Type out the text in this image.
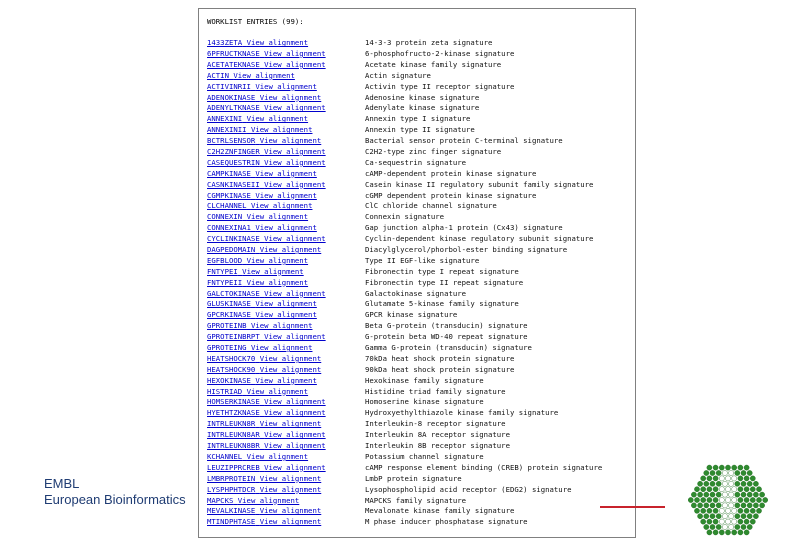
WORKLIST ENTRIES (99):
1433ZETA View alignment	14-3-3 protein zeta signature
6PFRUCTKNASE View alignment	6-phosphofructo-2-kinase signature
ACETATEKNASE View alignment	Acetate kinase family signature
ACTIN View alignment	Actin signature
ACTIVINRII View alignment	Activin type II receptor signature
ADENOKINASE View alignment	Adenosine kinase signature
ADENYLTKNASE View alignment	Adenylate kinase signature
ANNEXINI View alignment	Annexin type I signature
ANNEXINII View alignment	Annexin type II signature
BCTRLSENSOR View alignment	Bacterial sensor protein C-terminal signature
C2H2ZNFINGER View alignment	C2H2-type zinc finger signature
CASEQUESTRIN View alignment	Ca-sequestrin signature
CAMPKINASE View alignment	cAMP-dependent protein kinase signature
CASNKINASEII View alignment	Casein kinase II regulatory subunit family signature
CGMPKINASE View alignment	cGMP dependent protein kinase signature
CLCHANNEL View alignment	ClC chloride channel signature
CONNEXIN View alignment	Connexin signature
CONNEXINA1 View alignment	Gap junction alpha-1 protein (Cx43) signature
CYCLINKINASE View alignment	Cyclin-dependent kinase regulatory subunit signature
DAGPEDOMAIN View alignment	Diacylglycerol/phorbol-ester binding signature
EGFBLOOD View alignment	Type II EGF-like signature
FNTYPEI View alignment	Fibronectin type I repeat signature
FNTYPEII View alignment	Fibronectin type II repeat signature
GALCTOKINASE View alignment	Galactokinase signature
GLUSKINASE View alignment	Glutamate 5-kinase family signature
GPCRKINASE View alignment	GPCR kinase signature
GPROTEINB View alignment	Beta G-protein (transducin) signature
GPROTEINBRPT View alignment	G-protein beta WD-40 repeat signature
GPROTEING View alignment	Gamma G-protein (transducin) signature
HEATSHOCK70 View alignment	70kDa heat shock protein signature
HEATSHOCK90 View alignment	90kDa heat shock protein signature
HEXOKINASE View alignment	Hexokinase family signature
HISTRIAD View alignment	Histidine triad family signature
HOMSERKINASE View alignment	Homoserine kinase signature
HYETHTZKNASE View alignment	Hydroxyethylthiazole kinase family signature
INTRLEUKN8R View alignment	Interleukin-8 receptor signature
INTRLEUKN8AR View alignment	Interleukin 8A receptor signature
INTRLEUKN8BR View alignment	Interleukin 8B receptor signature
KCHANNEL View alignment	Potassium channel signature
LEUZIPPRCREB View alignment	cAMP response element binding (CREB) protein signature
LMBRPROTEIN View alignment	LmbP protein signature
LYSPHPHTDCR View alignment	Lysophospholipid acid receptor (EDG2) signature
MAPCKS View alignment	MAPCKS family signature
MEVALKINASE View alignment	Mevalonate kinase family signature
MTINDPHTASE View alignment	M phase inducer phosphatase signature
EMBL
European Bioinformatics
